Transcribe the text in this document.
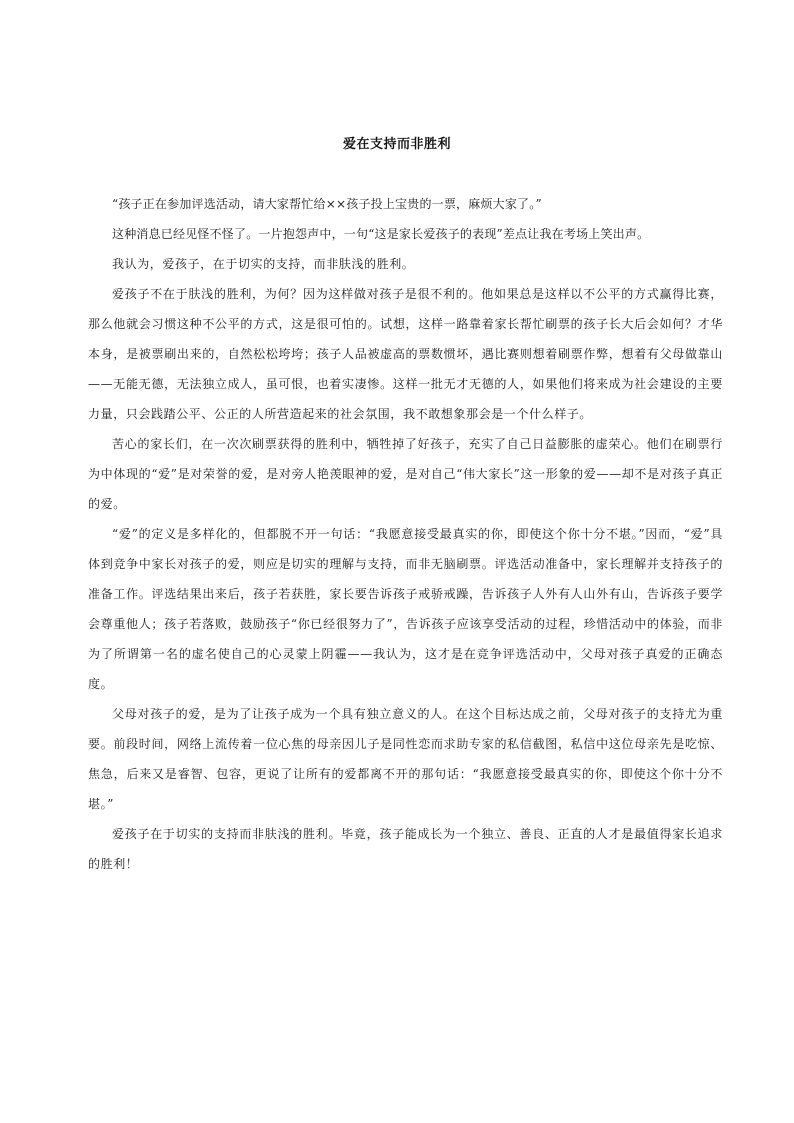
爱在支持而非胜利

“孩子正在参加评选活动，请大家帮忙给××孩子投上宝贵的一票，麻烦大家了。”

这种消息已经见怪不怪了。一片抱怨声中，一句“这是家长爱孩子的表现”差点让我在考场上笑出声。

我认为，爱孩子，在于切实的支持，而非肤浅的胜利。

爱孩子不在于肤浅的胜利，为何？因为这样做对孩子是很不利的。他如果总是这样以不公平的方式赢得比赛，那么他就会习惯这种不公平的方式，这是很可怕的。试想，这样一路靠着家长帮忙刷票的孩子长大后会如何？才华本身，是被票刷出来的，自然松松垮垮；孩子人品被虚高的票数惯坏，遇比赛则想着刷票作弊，想着有父母做靠山——无能无德，无法独立成人，虽可恨，也着实凄惨。这样一批无才无德的人，如果他们将来成为社会建设的主要力量，只会践踏公平、公正的人所营造起来的社会氛围，我不敢想象那会是一个什么样子。

苦心的家长们，在一次次刷票获得的胜利中，牺牲掉了好孩子，充实了自己日益膨胀的虚荣心。他们在刷票行为中体现的“爱”是对荣誉的爱，是对旁人艳羡眼神的爱，是对自己“伟大家长”这一形象的爱——却不是对孩子真正的爱。

“爱”的定义是多样化的，但都脱不开一句话：“我愿意接受最真实的你，即使这个你十分不堪。”因而，“爱”具体到竞争中家长对孩子的爱，则应是切实的理解与支持，而非无脑刷票。评选活动准备中，家长理解并支持孩子的准备工作。评选结果出来后，孩子若获胜，家长要告诉孩子戒骄戒躁，告诉孩子人外有人山外有山，告诉孩子要学会尊重他人；孩子若落败，鼓励孩子“你已经很努力了”，告诉孩子应该享受活动的过程，珍惜活动中的体验，而非为了所谓第一名的虚名使自己的心灵蒙上阴霾——我认为，这才是在竞争评选活动中，父母对孩子真爱的正确态度。

父母对孩子的爱，是为了让孩子成为一个具有独立意义的人。在这个目标达成之前，父母对孩子的支持尤为重要。前段时间，网络上流传着一位心焦的母亲因儿子是同性恋而求助专家的私信截图，私信中这位母亲先是吃惊、焦急，后来又是睿智、包容，更说了让所有的爱都离不开的那句话：“我愿意接受最真实的你，即使这个你十分不堪。”

爱孩子在于切实的支持而非肤浅的胜利。毕竟，孩子能成长为一个独立、善良、正直的人才是最值得家长追求的胜利！
